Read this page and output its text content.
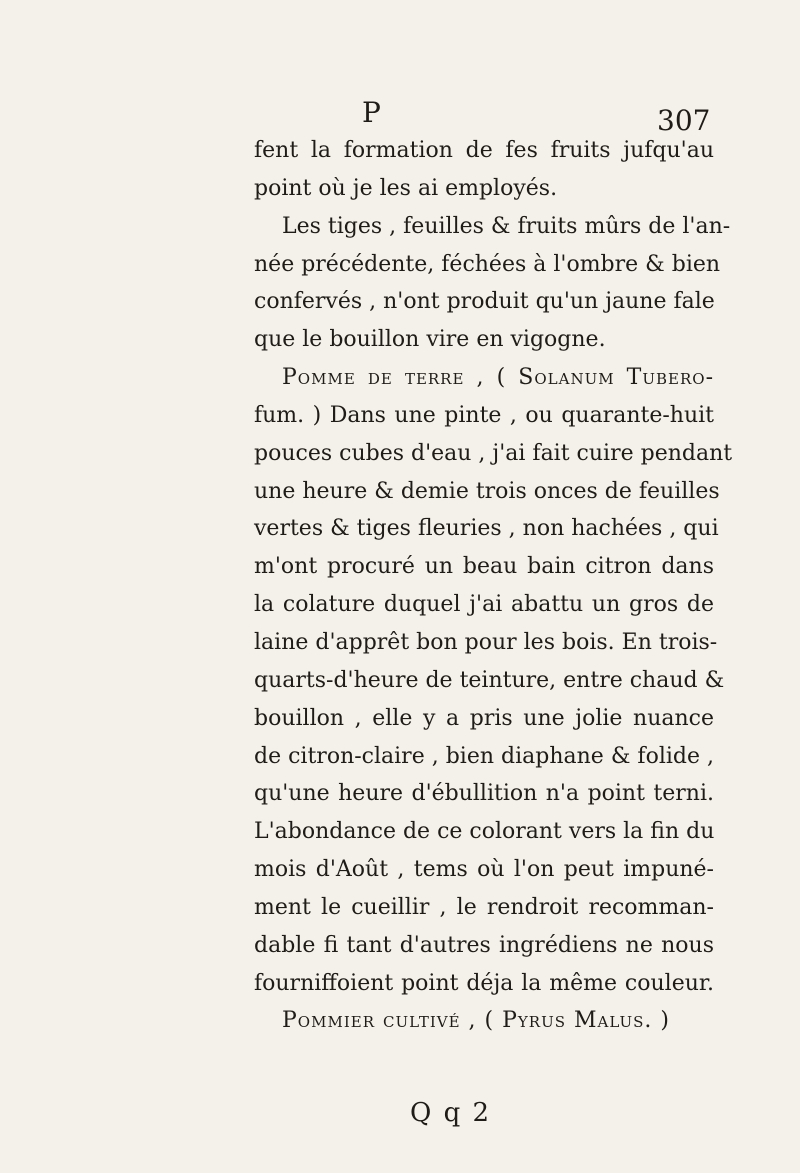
P	307
fent la formation de fes fruits jufqu'au
point où je les ai employés.
Les tiges , feuilles & fruits mûrs de l'an-
née précédente, féchées à l'ombre & bien
confervés , n'ont produit qu'un jaune fale
que le bouillon vire en vigogne.
Pomme de terre , ( Solanum Tubero-
fum. ) Dans une pinte , ou quarante-huit
pouces cubes d'eau , j'ai fait cuire pendant
une heure & demie trois onces de feuilles
vertes & tiges fleuries , non hachées , qui
m'ont procuré un beau bain citron dans
la colature duquel j'ai abattu un gros de
laine d'apprêt bon pour les bois. En trois-
quarts-d'heure de teinture, entre chaud &
bouillon , elle y a pris une jolie nuance
de citron-claire , bien diaphane & folide ,
qu'une heure d'ébullition n'a point terni.
L'abondance de ce colorant vers la fin du
mois d'Août , tems où l'on peut impuné-
ment le cueillir , le rendroit recomman-
dable fi tant d'autres ingrédiens ne nous
fourniffoient point déja la même couleur.
Pommier cultivé , ( Pyrus Malus. )
Q q 2
